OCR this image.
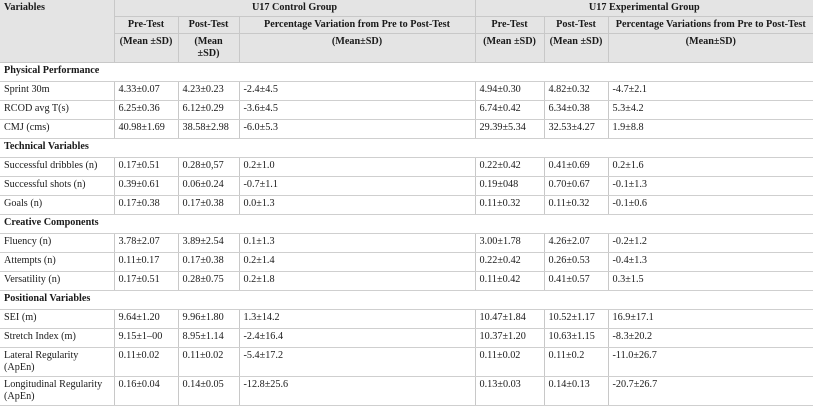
Variables	U17 Control Group			U17 Experimental Group		
	Pre-Test	Post-Test	Percentage Variation from Pre to Post-Test	Pre-Test	Post-Test	Percentage Variations from Pre to Post-Test
	(Mean ±SD)	(Mean ±SD)	(Mean±SD)	(Mean ±SD)	(Mean ±SD)	(Mean±SD)
Physical Performance						
Sprint 30m	4.33±0.07	4.23±0.23	-2.4±4.5	4.94±0.30	4.82±0.32	-4.7±2.1
RCOD avg T(s)	6.25±0.36	6.12±0.29	-3.6±4.5	6.74±0.42	6.34±0.38	5.3±4.2
CMJ (cms)	40.98±1.69	38.58±2.98	-6.0±5.3	29.39±5.34	32.53±4.27	1.9±8.8
Technical Variables						
Successful dribbles (n)	0.17±0.51	0.28±0,57	0.2±1.0	0.22±0.42	0.41±0.69	0.2±1.6
Successful shots (n)	0.39±0.61	0.06±0.24	-0.7±1.1	0.19±048	0.70±0.67	-0.1±1.3
Goals (n)	0.17±0.38	0.17±0.38	0.0±1.3	0.11±0.32	0.11±0.32	-0.1±0.6
Creative Components						
Fluency (n)	3.78±2.07	3.89±2.54	0.1±1.3	3.00±1.78	4.26±2.07	-0.2±1.2
Attempts (n)	0.11±0.17	0.17±0.38	0.2±1.4	0.22±0.42	0.26±0.53	-0.4±1.3
Versatility (n)	0.17±0.51	0.28±0.75	0.2±1.8	0.11±0.42	0.41±0.57	0.3±1.5
Positional Variables						
SEI (m)	9.64±1.20	9.96±1.80	1.3±14.2	10.47±1.84	10.52±1.17	16.9±17.1
Stretch Index (m)	9.15±1–00	8.95±1.14	-2.4±16.4	10.37±1.20	10.63±1.15	-8.3±20.2
Lateral Regularity (ApEn)	0.11±0.02	0.11±0.02	-5.4±17.2	0.11±0.02	0.11±0.2	-11.0±26.7
Longitudinal Regularity (ApEn)	0.16±0.04	0.14±0.05	-12.8±25.6	0.13±0.03	0.14±0.13	-20.7±26.7
